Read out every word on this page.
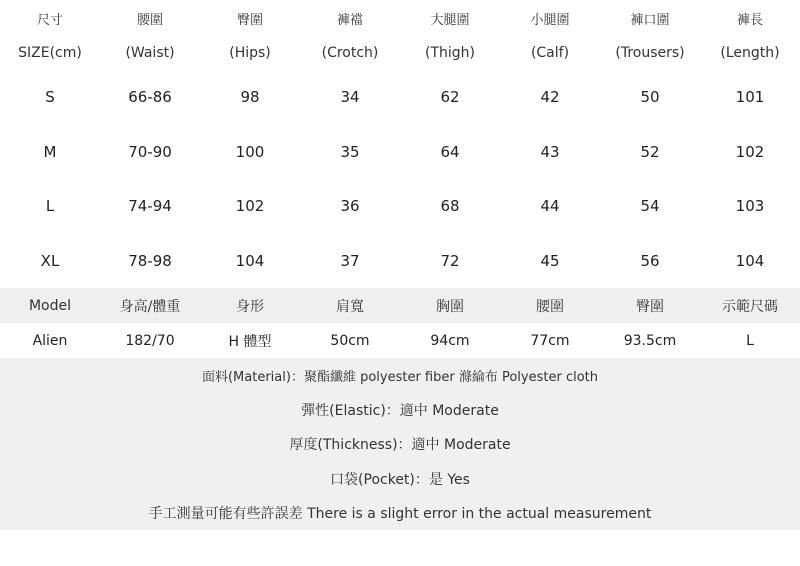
尺寸	腰圍	臀圍	褲襠	大腿圍	小腿圍	褲口圍	褲長
SIZE(cm)	(Waist)	(Hips)	(Crotch)	(Thigh)	(Calf)	(Trousers)	(Length)
S	66-86	98	34	62	42	50	101
M	70-90	100	35	64	43	52	102
L	74-94	102	36	68	44	54	103
XL	78-98	104	37	72	45	56	104
Model	身高/體重	身形	肩寬	胸圍	腰圍	臀圍	示範尺碼
Alien	182/70	H 體型	50cm	94cm	77cm	93.5cm	L
面料(Material)：聚酯纖維 polyester fiber 滌綸布 Polyester cloth
彈性(Elastic)：適中 Moderate
厚度(Thickness)：適中 Moderate
口袋(Pocket)：是 Yes
手工測量可能有些許誤差 There is a slight error in the actual measurement
